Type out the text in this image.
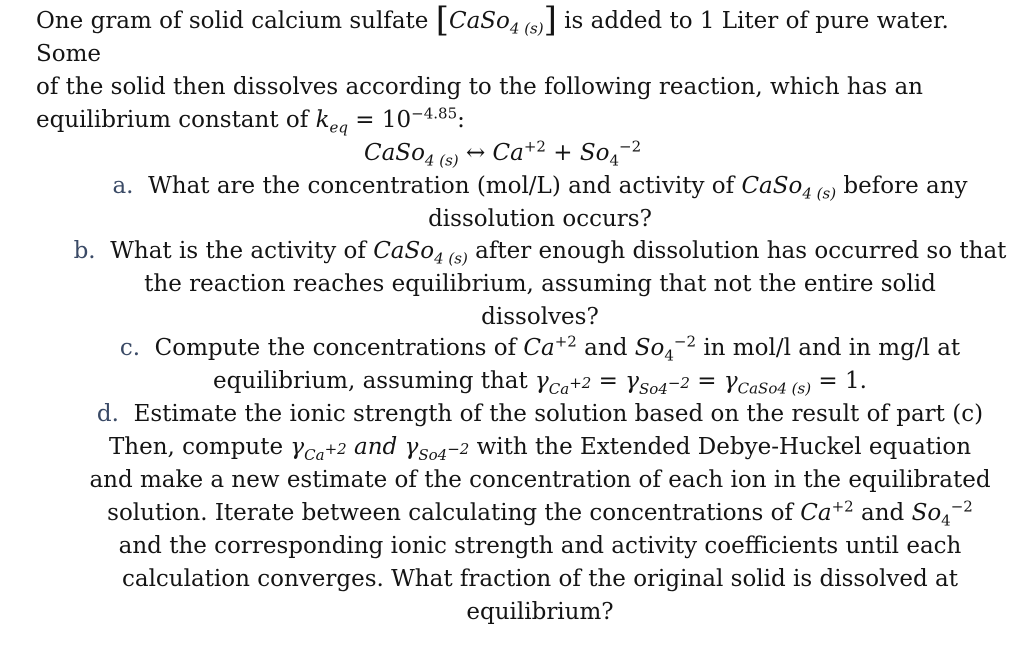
One gram of solid calcium sulfate [CaSo$_{4 (s)}$] is added to 1 Liter of pure water. Some

of the solid then dissolves according to the following reaction, which has an

equilibrium constant of $k_{eq} = 10^{-4.85}$:

CaSo$_{4 (s)}$ ↔ $Ca^{+2} + So_4^{-2}$

a. What are the concentration (mol/L) and activity of CaSo$_{4 (s)}$ before any
dissolution occurs?
b. What is the activity of CaSo$_{4 (s)}$ after enough dissolution has occurred so that
the reaction reaches equilibrium, assuming that not the entire solid
dissolves?
c. Compute the concentrations of $Ca^{+2}$ and $So_4^{-2}$ in mol/l and in mg/l at
equilibrium, assuming that $\gamma_{Ca^{+2}} = \gamma_{So4^{-2}} = \gamma_{CaSo4 (s)} = 1$.
d. Estimate the ionic strength of the solution based on the result of part (c)
Then, compute $\gamma_{Ca^{+2}}$ and $\gamma_{So4^{-2}}$ with the Extended Debye-Huckel equation
and make a new estimate of the concentration of each ion in the equilibrated
solution. Iterate between calculating the concentrations of $Ca^{+2}$ and $So_4^{-2}$
and the corresponding ionic strength and activity coefficients until each
calculation converges. What fraction of the original solid is dissolved at
equilibrium?
